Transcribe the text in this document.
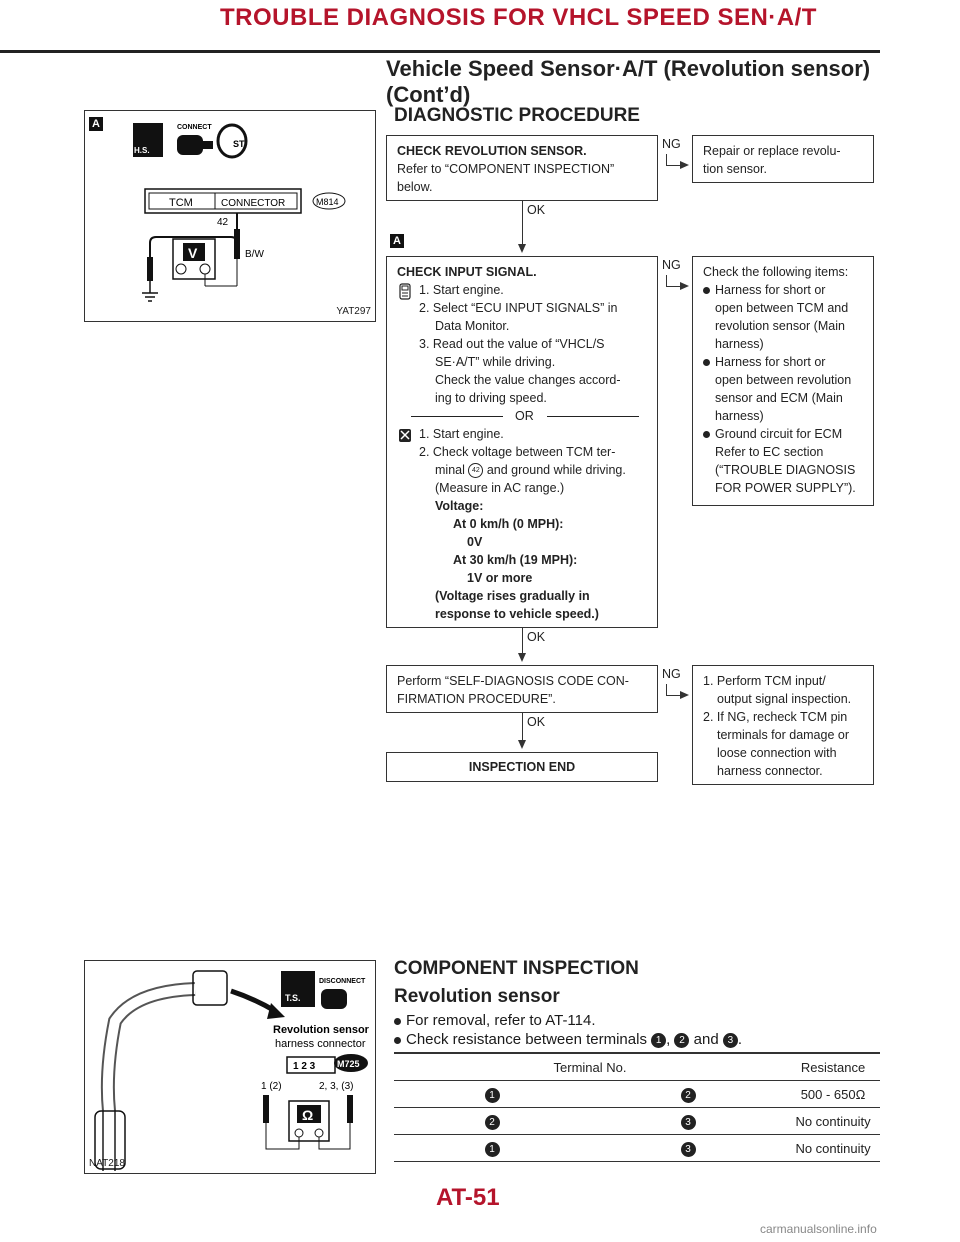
TROUBLE DIAGNOSIS FOR VHCL SPEED SEN·A/T
Vehicle Speed Sensor·A/T (Revolution sensor)
(Cont’d)
A
H.S.
CONNECT
ST
TCM	CONNECTOR	M814
42
B/W
V
YAT297
DIAGNOSTIC PROCEDURE
CHECK REVOLUTION SENSOR.
Refer to “COMPONENT INSPECTION”
below.
NG Repair or replace revolu-
tion sensor.
OK
A
CHECK INPUT SIGNAL.
1. Start engine.
2. Select “ECU INPUT SIGNALS” in
Data Monitor.
3. Read out the value of “VHCL/S
SE·A/T” while driving.
Check the value changes accord-
ing to driving speed.
OR
1. Start engine.
2. Check voltage between TCM ter-
minal 42 and ground while driving.
(Measure in AC range.)
Voltage:
At 0 km/h (0 MPH):
0V
At 30 km/h (19 MPH):
1V or more
(Voltage rises gradually in
response to vehicle speed.)
NG Check the following items:
Harness for short or
open between TCM and
revolution sensor (Main
harness)
Harness for short or
open between revolution
sensor and ECM (Main
harness)
Ground circuit for ECM
Refer to EC section
(“TROUBLE DIAGNOSIS
FOR POWER SUPPLY”).
OK
Perform “SELF-DIAGNOSIS CODE CON-
FIRMATION PROCEDURE”.
NG 1. Perform TCM input/
output signal inspection.
2. If NG, recheck TCM pin
terminals for damage or
loose connection with
harness connector.
OK
INSPECTION END
T.S.
DISCONNECT
Revolution sensor
harness connector
1 2 3 M725
1 (2)	2, 3, (3)
Ω
NAT218
COMPONENT INSPECTION
Revolution sensor
For removal, refer to AT-114.
Check resistance between terminals 1 , 2 and 3 .
Terminal No.		Resistance
1	2	500 - 650Ω
2	3	No continuity
1	3	No continuity
AT-51
carmanualsonline.info
